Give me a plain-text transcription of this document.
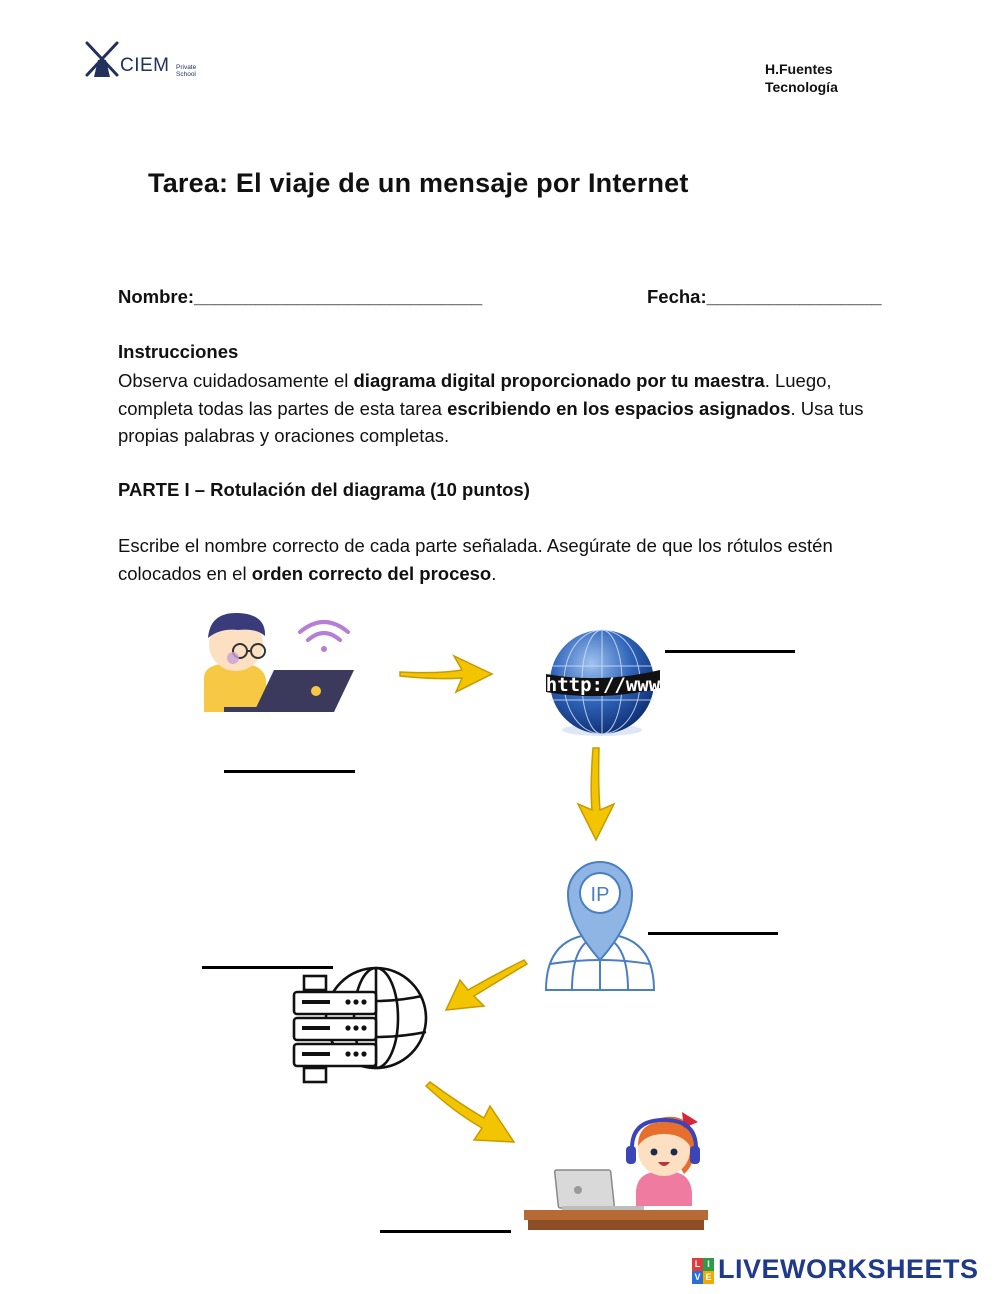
CIEM Private
School	H.Fuentes
Tecnología
Tarea: El viaje de un mensaje por Internet
Nombre:____________________________	Fecha:_________________
Instrucciones
Observa cuidadosamente el diagrama digital proporcionado por tu maestra. Luego, completa todas las partes de esta tarea escribiendo en los espacios asignados. Usa tus propias palabras y oraciones completas.
PARTE I – Rotulación del diagrama (10 puntos)
Escribe el nombre correcto de cada parte señalada. Asegúrate de que los rótulos estén colocados en el orden correcto del proceso.
http://www
IP
L I
V E LIVEWORKSHEETS
